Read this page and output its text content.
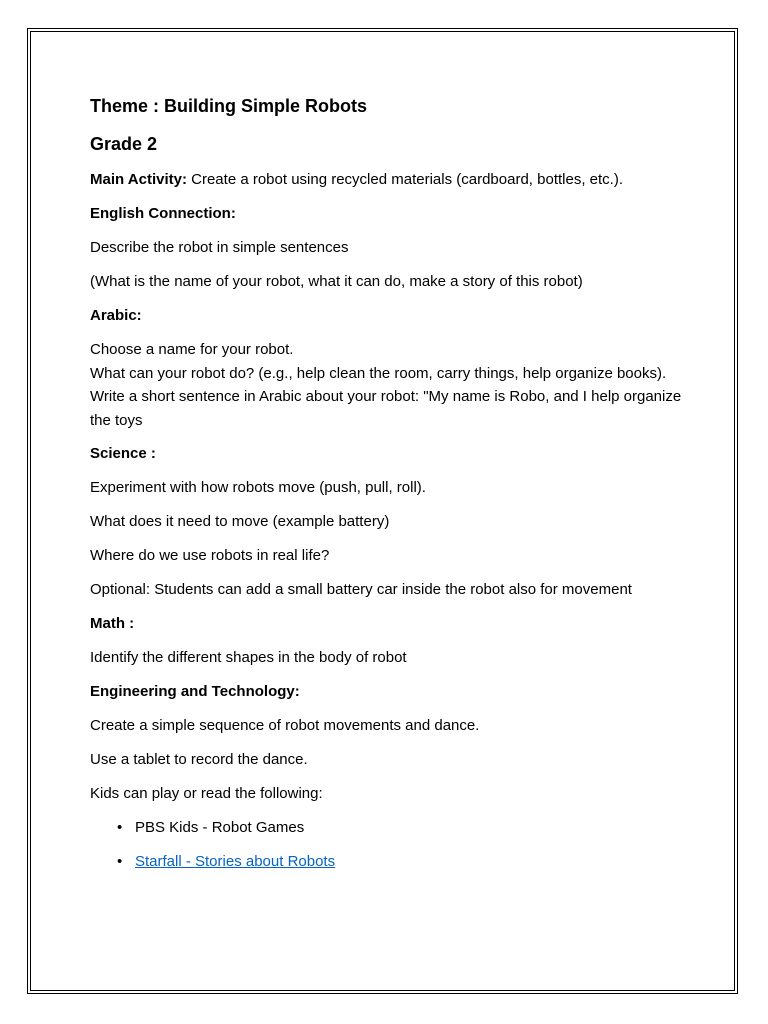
Theme : Building Simple Robots
Grade 2

Main Activity: Create a robot using recycled materials (cardboard, bottles, etc.).

English Connection:

Describe the robot in simple sentences

(What is the name of your robot, what it can do, make a story of this robot)

Arabic:

Choose a name for your robot.
What can your robot do? (e.g., help clean the room, carry things, help organize books).
Write a short sentence in Arabic about your robot: "My name is Robo, and I help organize the toys

Science :

Experiment with how robots move (push, pull, roll).

What does it need to move (example battery)

Where do we use robots in real life?

Optional: Students can add a small battery car inside the robot also for movement

Math :

Identify the different shapes in the body of robot

Engineering and Technology:

Create a simple sequence of robot movements and dance.

Use a tablet to record the dance.

Kids can play or read the following:

• PBS Kids - Robot Games
• Starfall - Stories about Robots
